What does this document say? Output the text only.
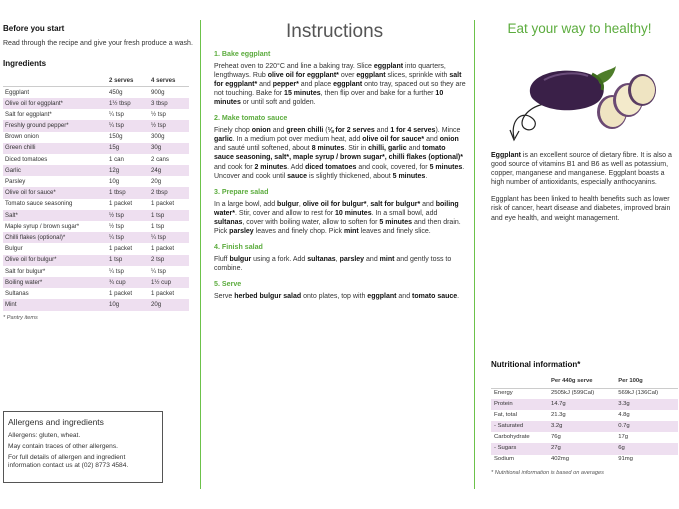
Before you start
Read through the recipe and give your fresh produce a wash.
Ingredients
	2 serves	4 serves
Eggplant	450g	900g
Olive oil for eggplant*	1½ tbsp	3 tbsp
Salt for eggplant*	¼ tsp	½ tsp
Freshly ground pepper*	¼ tsp	½ tsp
Brown onion	150g	300g
Green chilli	15g	30g
Diced tomatoes	1 can	2 cans
Garlic	12g	24g
Parsley	10g	20g
Olive oil for sauce*	1 tbsp	2 tbsp
Tomato sauce seasoning	1 packet	1 packet
Salt*	½ tsp	1 tsp
Maple syrup / brown sugar*	½ tsp	1 tsp
Chilli flakes (optional)*	¼ tsp	¼ tsp
Bulgur	1 packet	1 packet
Olive oil for bulgur*	1 tsp	2 tsp
Salt for bulgur*	¼ tsp	¼ tsp
Boiling water*	¾ cup	1½ cup
Sultanas	1 packet	1 packet
Mint	10g	20g
* Pantry items
Allergens and ingredients

Allergens: gluten, wheat.

May contain traces of other allergens.

For full details of allergen and ingredient information contact us at (02) 8773 4584.

Instructions
1. Bake eggplant
Preheat oven to 220°C and line a baking tray. Slice eggplant into quarters, lengthways. Rub olive oil for eggplant* over eggplant slices, sprinkle with salt for eggplant* and pepper* and place eggplant onto tray, spaced out so they are not touching. Bake for 15 minutes, then flip over and bake for a further 10 minutes or until soft and golden.
2. Make tomato sauce
Finely chop onion and green chilli (⅛ for 2 serves and 1 for 4 serves). Mince garlic. In a medium pot over medium heat, add olive oil for sauce* and onion and sauté until softened, about 8 minutes. Stir in chilli, garlic and tomato sauce seasoning, salt*, maple syrup / brown sugar*, chilli flakes (optional)* and cook for 2 minutes. Add diced tomatoes and cook, covered, for 5 minutes. Uncover and cook until sauce is slightly thickened, about 5 minutes.
3. Prepare salad
In a large bowl, add bulgur, olive oil for bulgur*, salt for bulgur* and boiling water*. Stir, cover and allow to rest for 10 minutes. In a small bowl, add sultanas, cover with boiling water, allow to soften for 5 minutes and then drain. Pick parsley leaves and finely chop. Pick mint leaves and finely slice.
4. Finish salad
Fluff bulgur using a fork. Add sultanas, parsley and mint and gently toss to combine.
5. Serve
Serve herbed bulgur salad onto plates, top with eggplant and tomato sauce.
Eat your way to healthy!
Eggplant is an excellent source of dietary fibre. It is also a good source of vitamins B1 and B6 as well as potassium, copper, manganese and manganese. Eggplant boasts a high number of antioxidants, especially anthocyanins.
Eggplant has been linked to health benefits such as lower risk of cancer, heart disease and diabetes, improved brain and eye health, and weight management.
Nutritional information*
	Per 440g serve	Per 100g
Energy	2505kJ (599Cal)	569kJ (136Cal)
Protein	14.7g	3.3g
Fat, total	21.3g	4.8g
- Saturated	3.2g	0.7g
Carbohydrate	76g	17g
- Sugars	27g	6g
Sodium	402mg	91mg
* Nutritional information is based on averages
